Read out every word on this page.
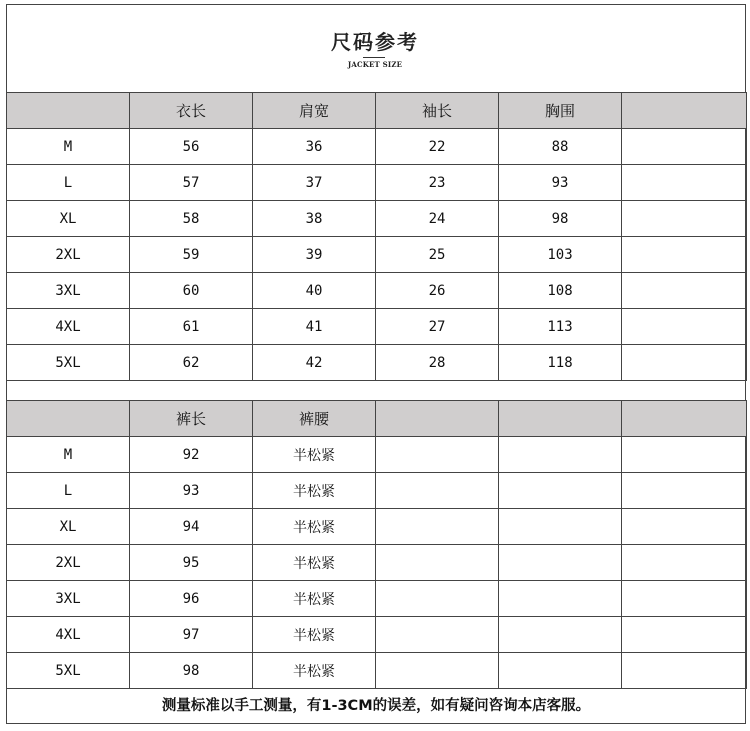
尺码参考
JACKET SIZE
	衣长	肩宽	袖长	胸围	
M	56	36	22	88	
L	57	37	23	93	
XL	58	38	24	98	
2XL	59	39	25	103	
3XL	60	40	26	108	
4XL	61	41	27	113	
5XL	62	42	28	118	
	裤长	裤腰			
M	92	半松紧			
L	93	半松紧			
XL	94	半松紧			
2XL	95	半松紧			
3XL	96	半松紧			
4XL	97	半松紧			
5XL	98	半松紧			
测量标准以手工测量，有1-3CM的误差，如有疑问咨询本店客服。
